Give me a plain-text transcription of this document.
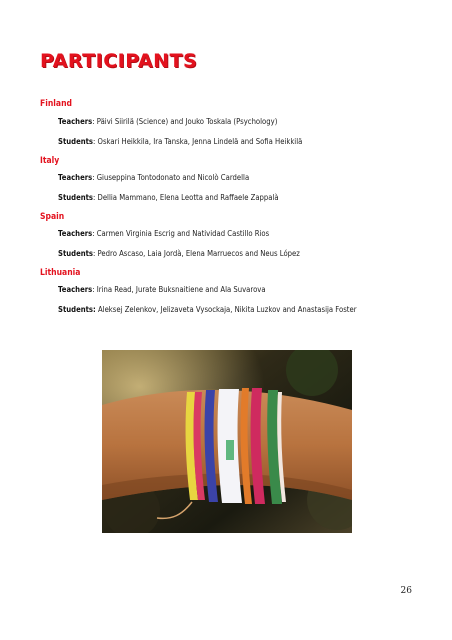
PARTICIPANTS
Finland
Teachers: Päivi Siirilä (Science) and Jouko Toskala (Psychology)
Students: Oskari Heikkila, Ira Tanska, Jenna Lindelä and Sofia Heikkilä
Italy
Teachers: Giuseppina Tontodonato and Nicolò Cardella
Students: Dellia Mammano, Elena Leotta and Raffaele Zappalà
Spain
Teachers: Carmen Virginia Escrig and Natividad Castillo Rios
Students: Pedro Ascaso, Laia Jordà, Elena Marruecos and Neus López
Lithuania
Teachers: Irina Read, Jurate Buksnaitiene and Ala Suvarova
Students: Aleksej Zelenkov, Jelizaveta Vysockaja, Nikita Luzkov and Anastasija Foster
26
